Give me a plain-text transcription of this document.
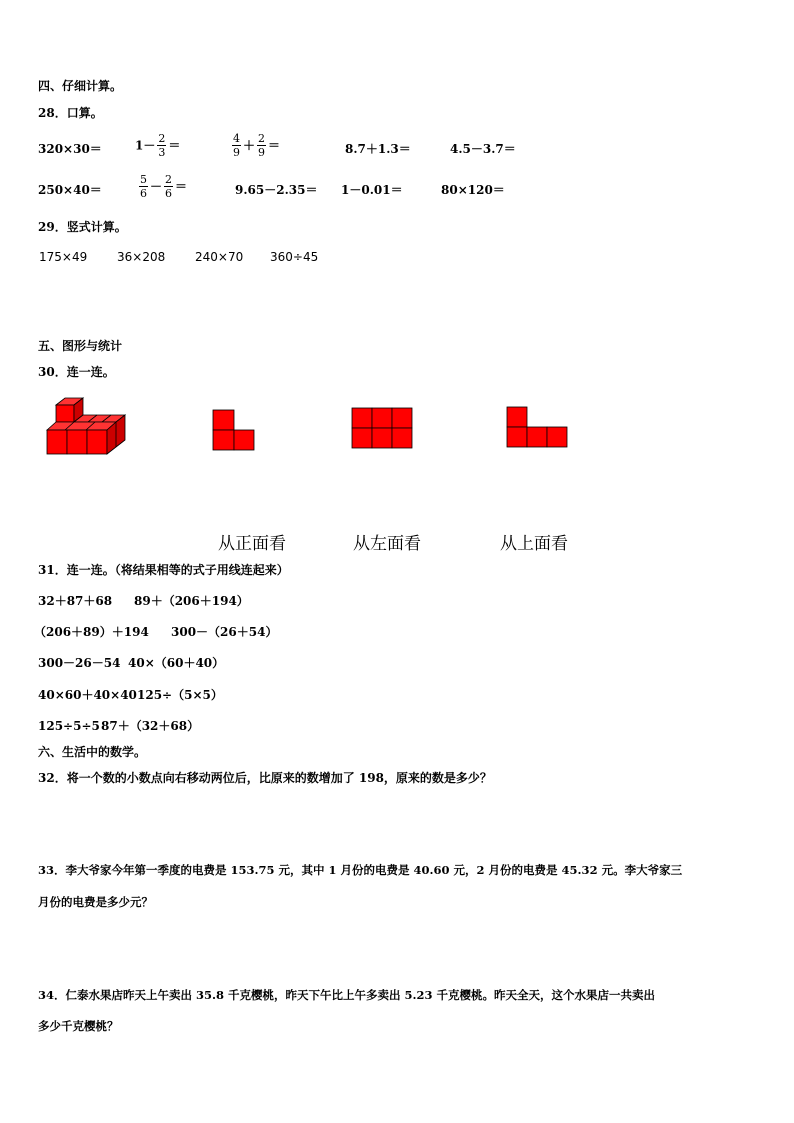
四、仔细计算。
28．口算。
320×30＝	$1- \frac{2}{3}$ ＝	$\frac{4}{9} + \frac{2}{9}$ ＝	8.7＋1.3＝	4.5－3.7＝
250×40＝	$\frac{5}{6} - \frac{2}{6}$ ＝	9.65－2.35＝ 1－0.01＝	80×120＝
29．竖式计算。
175×49 36×208 240×70 360÷45
五、图形与统计
30．连一连。
从正面看	从左面看	从上面看
31．连一连。（将结果相等的式子用线连起来）
32＋87＋68 89＋（206＋194）
（206＋89）＋194 300－（26＋54）
300－26－54 40×（60＋40）
40×60＋40×40 125÷（5×5）
125÷5÷5 87＋（32＋68）
六、生活中的数学。
32．将一个数的小数点向右移动两位后，比原来的数增加了 198，原来的数是多少？
33．李大爷家今年第一季度的电费是 153.75 元，其中 1 月份的电费是 40.60 元，2 月份的电费是 45.32 元。李大爷家三
月份的电费是多少元？
34．仁泰水果店昨天上午卖出 35.8 千克樱桃，昨天下午比上午多卖出 5.23 千克樱桃。昨天全天，这个水果店一共卖出
多少千克樱桃？
